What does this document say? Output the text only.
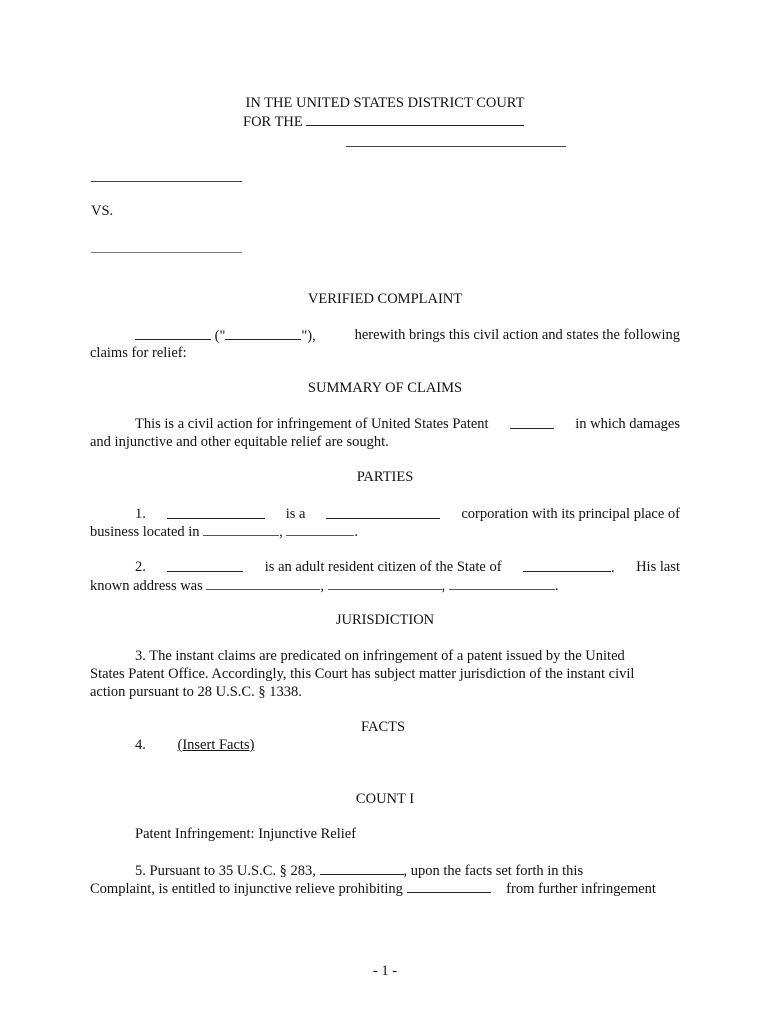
IN THE UNITED STATES DISTRICT COURT
FOR THE
VS.
VERIFIED COMPLAINT
("	"),	herewith brings this civil action and states the following
claims for relief:
SUMMARY OF CLAIMS
This is a civil action for infringement of United States Patent	in which damages
and injunctive and other equitable relief are sought.
PARTIES
1.	is a	corporation with its principal place of
business located in	,	.
2.	is an adult resident citizen of the State of	. His last
known address was	,	,	.
JURISDICTION
3. The instant claims are predicated on infringement of a patent issued by the United
States Patent Office. Accordingly, this Court has subject matter jurisdiction of the instant civil
action pursuant to 28 U.S.C. § 1338.
FACTS
4. (Insert Facts)
COUNT I
Patent Infringement: Injunctive Relief
5. Pursuant to 35 U.S.C. § 283,	, upon the facts set forth in this
Complaint, is entitled to injunctive relieve prohibiting	from further infringement
- 1 -
